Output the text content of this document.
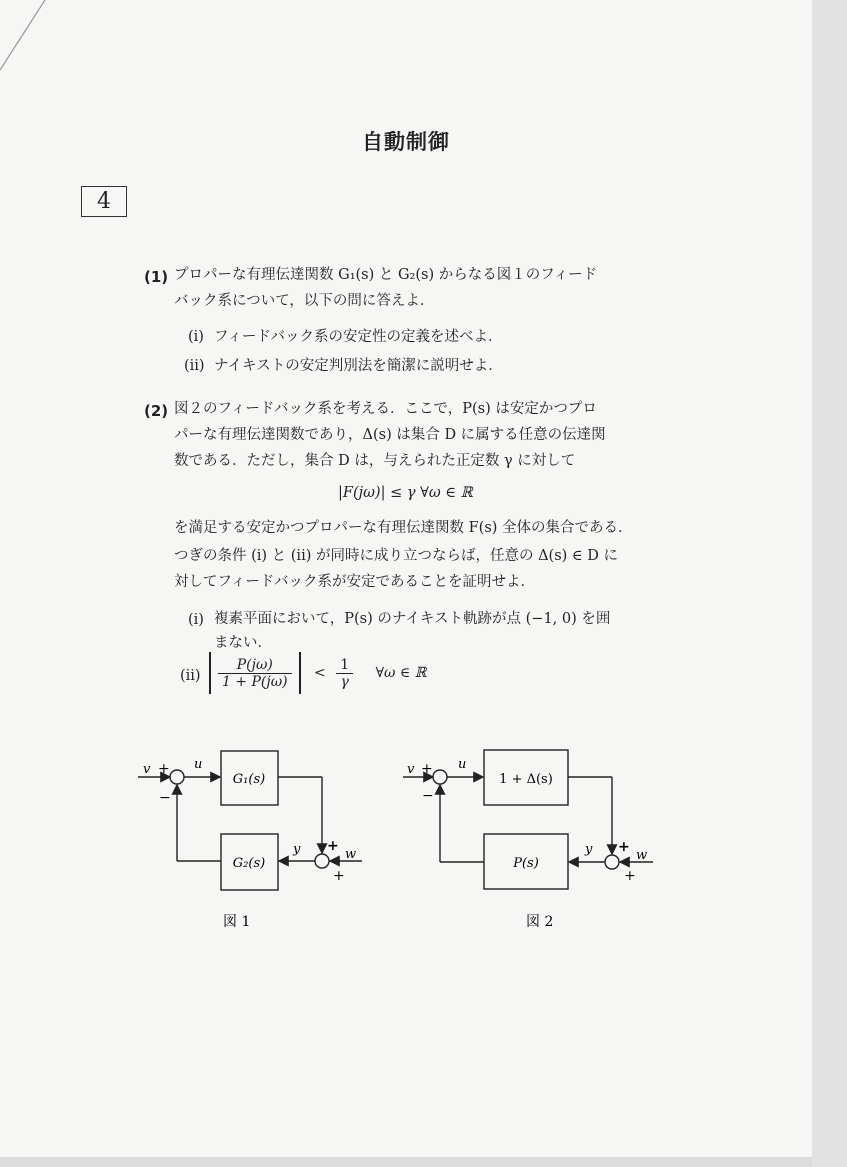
自動制御
4
(1) プロパーな有理伝達関数 G₁(s) と G₂(s) からなる図１のフィード
バック系について，以下の問に答えよ．
(i) フィードバック系の安定性の定義を述べよ．
(ii) ナイキストの安定判別法を簡潔に説明せよ．
(2) 図２のフィードバック系を考える．ここで，P(s) は安定かつプロ
パーな有理伝達関数であり，Δ(s) は集合 D に属する任意の伝達関
数である．ただし，集合 D は，与えられた正定数 γ に対して
|F(jω)| ≤ γ ∀ω ∈ ℝ
を満足する安定かつプロパーな有理伝達関数 F(s) 全体の集合である．
つぎの条件 (i) と (ii) が同時に成り立つならば，任意の Δ(s) ∈ D に
対してフィードバック系が安定であることを証明せよ．
(i) 複素平面において，P(s) のナイキスト軌跡が点 (−1, 0) を囲
まない．
(ii)
$\frac{P(j\omega)}{1 + P(j\omega)} < \frac{1}{\gamma}$ ∀ω ∈ ℝ
G₁(s)
G₂(s)
v +
−
u
y +
w
+
図 1
1 + Δ(s)
P(s)
v +
−
u
y +
w
+
図 2
